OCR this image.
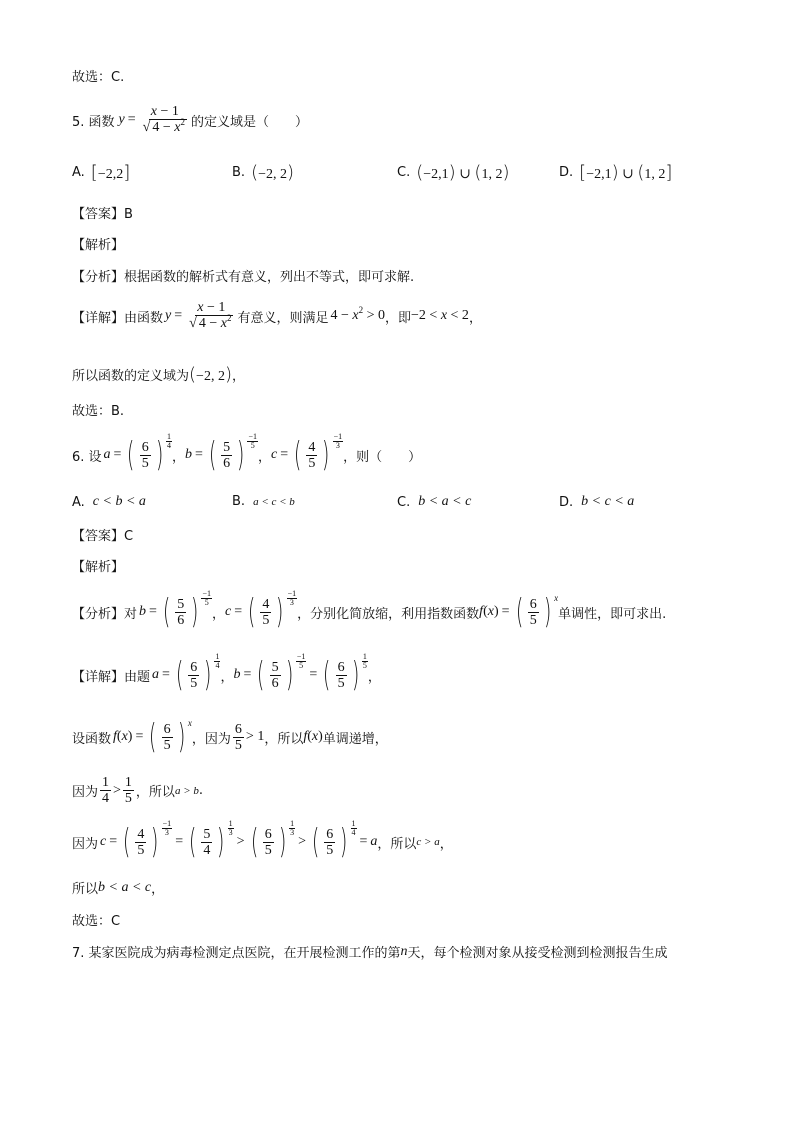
故选：C.
5. 函数 $y = \frac{x - 1}{√ 4 - x^2}$ 的定义域是（　　）
A. [−2,2]	B. (−2, 2)	C. (−2,1) ∪ (1, 2)	D. [−2,1) ∪ (1, 2]
【答案】B
【解析】
【分析】根据函数的解析式有意义，列出不等式，即可求解.
【详解】由函数 $y = \frac{x - 1}{√ 4 - x^2}$ 有意义，则满足 $4 - x^2 > 0$ ，即 −2 < x < 2 ，
所以函数的定义域为 (−2, 2) ，
故选：B.
6. 设 a = ( $\frac{6}{5}$ ) $\frac{1}{4}$
， b = ( $\frac{5}{6}$ ) $\frac{-1}{5}$
， c = ( $\frac{4}{5}$ ) $\frac{-1}{3}$
，则（　　）
A. c < b < a	B. a < c < b	C. b < a < c	D. b < c < a
【答案】C
【解析】
【分析】对 b = ( $\frac{5}{6}$ ) $\frac{-1}{5}$
， c = ( $\frac{4}{5}$ ) $\frac{-1}{3}$
，分别化简放缩，利用指数函数 f (x) = ( $\frac{6}{5}$ ) x
单调性，即可求出.
【详解】由题 a = ( $\frac{6}{5}$ ) $\frac{1}{4}$
， b = ( $\frac{5}{6}$ ) $\frac{-1}{5}$
= ( $\frac{6}{5}$ ) $\frac{1}{5}$
，
设函数 f (x) = ( $\frac{6}{5}$ ) x
，因为 $\frac{6}{5} > 1$ ，所以 f (x) 单调递增，
因为 $\frac{1}{4} > \frac{1}{5}$ ，所以 a > b .
因为 c = ( $\frac{4}{5}$ ) $\frac{-1}{3}$
= ( $\frac{5}{4}$ ) $\frac{1}{3}$
> ( $\frac{6}{5}$ ) $\frac{1}{3}$
> ( $\frac{6}{5}$ ) $\frac{1}{4}$
= a ，所以 c > a ，
所以 b < a < c ，
故选：C
7. 某家医院成为病毒检测定点医院，在开展检测工作的第 n 天，每个检测对象从接受检测到检测报告生成
